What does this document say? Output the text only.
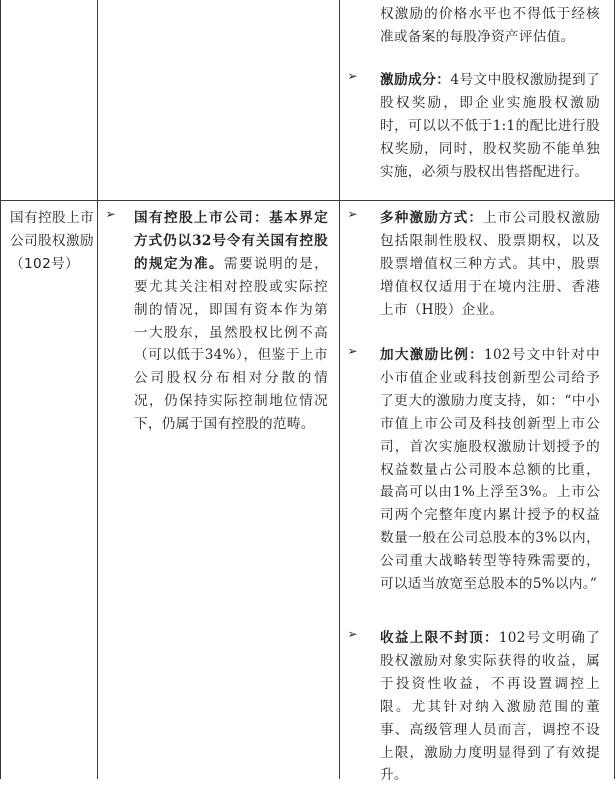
权激励的价格水平也不得低于经核准或备案的每股净资产评估值。
➢ 激励成分：4号文中股权激励提到了股权奖励，即企业实施股权激励时，可以以不低于1:1的配比进行股权奖励，同时，股权奖励不能单独实施，必须与股权出售搭配进行。
国有控股上市公司股权激励（102号）
➢ 国有控股上市公司：基本界定方式仍以32号令有关国有控股的规定为准。需要说明的是，要尤其关注相对控股或实际控制的情况，即国有资本作为第一大股东，虽然股权比例不高（可以低于34%），但鉴于上市公司股权分布相对分散的情况，仍保持实际控制地位情况下，仍属于国有控股的范畴。
➢ 多种激励方式：上市公司股权激励包括限制性股权、股票期权，以及股票增值权三种方式。其中，股票增值权仅适用于在境内注册、香港上市（H股）企业。
➢ 加大激励比例：102号文中针对中小市值企业或科技创新型公司给予了更大的激励力度支持，如：“中小市值上市公司及科技创新型上市公司，首次实施股权激励计划授予的权益数量占公司股本总额的比重，最高可以由1%上浮至3%。上市公司两个完整年度内累计授予的权益数量一般在公司总股本的3%以内，公司重大战略转型等特殊需要的，可以适当放宽至总股本的5%以内。”
➢ 收益上限不封顶：102号文明确了股权激励对象实际获得的收益，属于投资性收益，不再设置调控上限。尤其针对纳入激励范围的董事、高级管理人员而言，调控不设上限，激励力度明显得到了有效提升。
